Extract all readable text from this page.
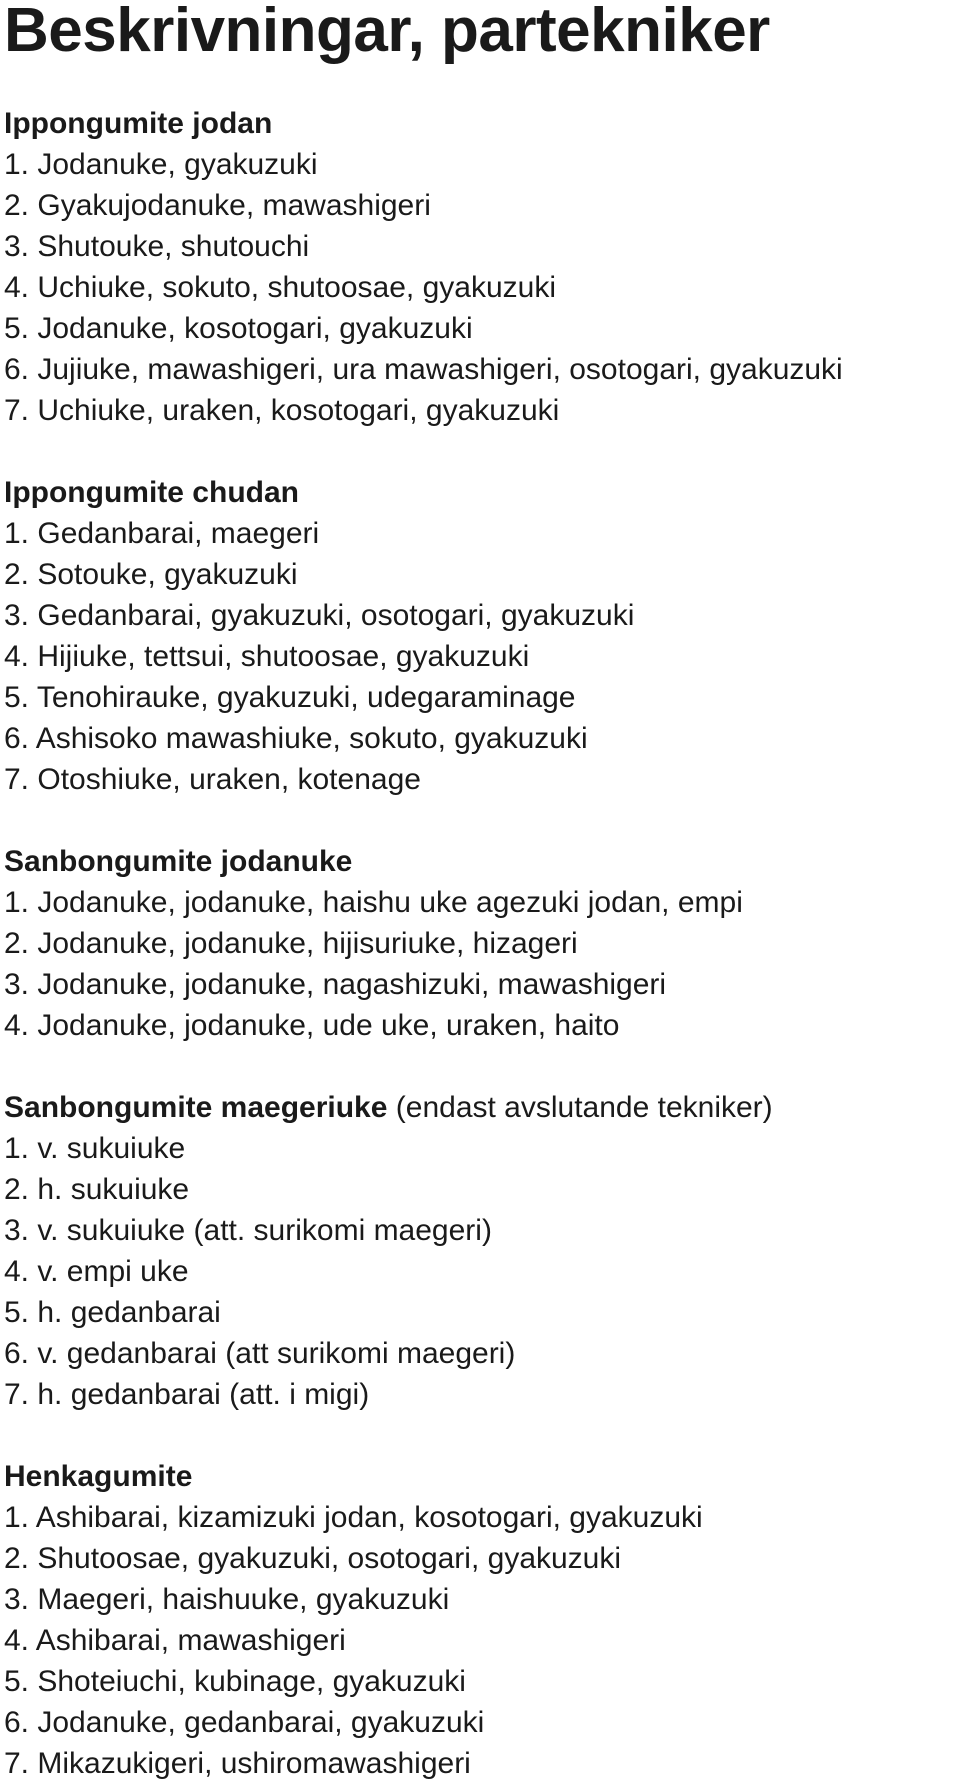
Beskrivningar, partekniker

Ippongumite jodan

1. Jodanuke, gyakuzuki
2. Gyakujodanuke, mawashigeri
3. Shutouke, shutouchi
4. Uchiuke, sokuto, shutoosae, gyakuzuki
5. Jodanuke, kosotogari, gyakuzuki
6. Jujiuke, mawashigeri, ura mawashigeri, osotogari, gyakuzuki
7. Uchiuke, uraken, kosotogari, gyakuzuki

Ippongumite chudan

1. Gedanbarai, maegeri
2. Sotouke, gyakuzuki
3. Gedanbarai, gyakuzuki, osotogari, gyakuzuki
4. Hijiuke, tettsui, shutoosae, gyakuzuki
5. Tenohirauke, gyakuzuki, udegaraminage
6. Ashisoko mawashiuke, sokuto, gyakuzuki
7. Otoshiuke, uraken, kotenage

Sanbongumite jodanuke

1. Jodanuke, jodanuke, haishu uke agezuki jodan, empi
2. Jodanuke, jodanuke, hijisuriuke, hizageri
3. Jodanuke, jodanuke, nagashizuki, mawashigeri
4. Jodanuke, jodanuke, ude uke, uraken, haito

Sanbongumite maegeriuke (endast avslutande tekniker)

1. v. sukuiuke
2. h. sukuiuke
3. v. sukuiuke (att. surikomi maegeri)
4. v. empi uke
5. h. gedanbarai
6. v. gedanbarai (att surikomi maegeri)
7. h. gedanbarai (att. i migi)

Henkagumite

1. Ashibarai, kizamizuki jodan, kosotogari, gyakuzuki
2. Shutoosae, gyakuzuki, osotogari, gyakuzuki
3. Maegeri, haishuuke, gyakuzuki
4. Ashibarai, mawashigeri
5. Shoteiuchi, kubinage, gyakuzuki
6. Jodanuke, gedanbarai, gyakuzuki
7. Mikazukigeri, ushiromawashigeri
